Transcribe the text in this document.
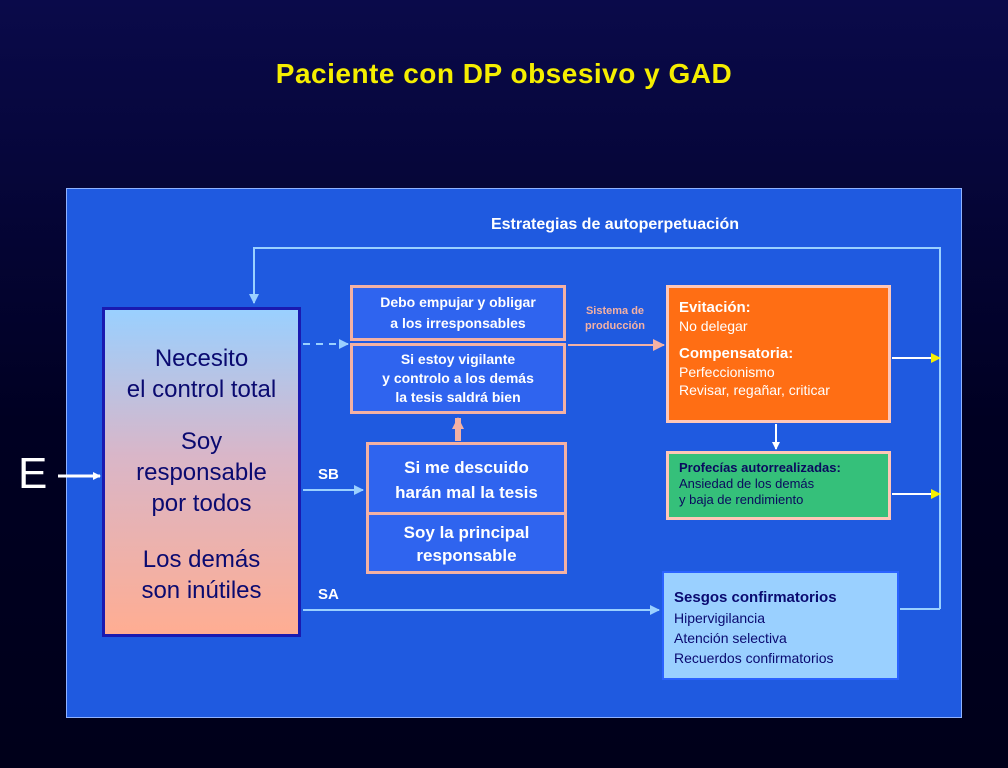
Paciente con DP obsesivo y GAD
Estrategias de autoperpetuación
E
Necesito
el control total
Soy
responsable
por todos
Los demás
son inútiles
SB
SA
Debo empujar y obligar
a los irresponsables
Si estoy vigilante
y controlo a los demás
la tesis saldrá bien
Si me descuido
harán mal la tesis
Soy la principal
responsable
Sistema de
producción
Evitación:
No delegar
Compensatoria:
Perfeccionismo
Revisar, regañar, criticar
Profecías autorrealizadas:
Ansiedad de los demás
y baja de rendimiento
Sesgos confirmatorios
Hipervigilancia
Atención selectiva
Recuerdos confirmatorios
